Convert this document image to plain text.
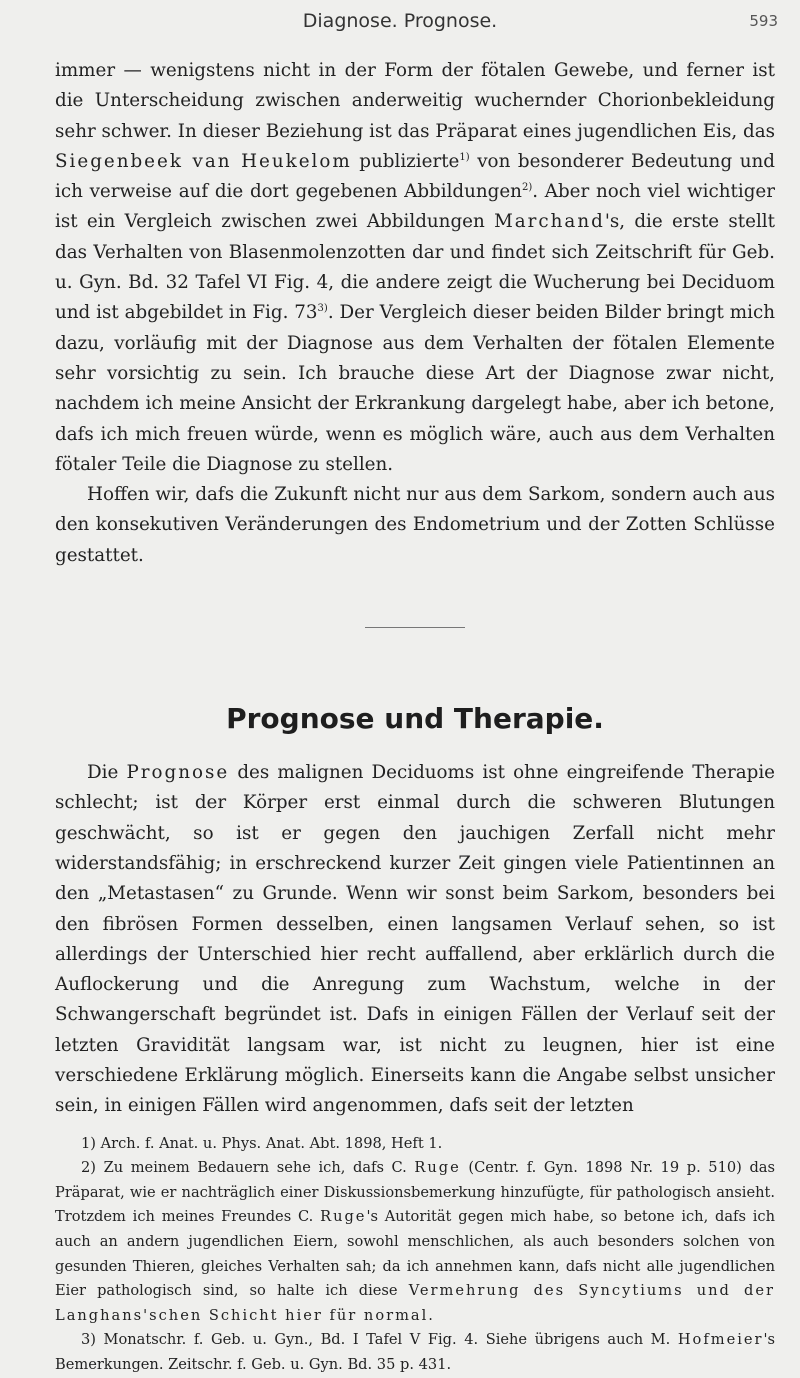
Diagnose. Prognose.	593

immer — wenigstens nicht in der Form der fötalen Gewebe, und ferner ist die Unterscheidung zwischen anderweitig wuchernder Chorionbekleidung sehr schwer. In dieser Beziehung ist das Präparat eines jugendlichen Eis, das Siegenbeek van Heukelom publizierte$^{1)}$ von besonderer Bedeutung und ich verweise auf die dort gegebenen Abbildungen$^{2)}$. Aber noch viel wichtiger ist ein Vergleich zwischen zwei Abbildungen Marchand's, die erste stellt das Verhalten von Blasenmolenzotten dar und findet sich Zeitschrift für Geb. u. Gyn. Bd. 32 Tafel VI Fig. 4, die andere zeigt die Wucherung bei Deciduom und ist abgebildet in Fig. 73$^{3)}$. Der Vergleich dieser beiden Bilder bringt mich dazu, vorläufig mit der Diagnose aus dem Verhalten der fötalen Elemente sehr vorsichtig zu sein. Ich brauche diese Art der Diagnose zwar nicht, nachdem ich meine Ansicht der Erkrankung dargelegt habe, aber ich betone, dafs ich mich freuen würde, wenn es möglich wäre, auch aus dem Verhalten fötaler Teile die Diagnose zu stellen.

Hoffen wir, dafs die Zukunft nicht nur aus dem Sarkom, sondern auch aus den konsekutiven Veränderungen des Endometrium und der Zotten Schlüsse gestattet.

Prognose und Therapie.

Die Prognose des malignen Deciduoms ist ohne eingreifende Therapie schlecht; ist der Körper erst einmal durch die schweren Blutungen geschwächt, so ist er gegen den jauchigen Zerfall nicht mehr widerstandsfähig; in erschreckend kurzer Zeit gingen viele Patientinnen an den „Metastasen“ zu Grunde. Wenn wir sonst beim Sarkom, besonders bei den fibrösen Formen desselben, einen langsamen Verlauf sehen, so ist allerdings der Unterschied hier recht auffallend, aber erklärlich durch die Auflockerung und die Anregung zum Wachstum, welche in der Schwangerschaft begründet ist. Dafs in einigen Fällen der Verlauf seit der letzten Gravidität langsam war, ist nicht zu leugnen, hier ist eine verschiedene Erklärung möglich. Einerseits kann die Angabe selbst unsicher sein, in einigen Fällen wird angenommen, dafs seit der letzten

1) Arch. f. Anat. u. Phys. Anat. Abt. 1898, Heft 1.

2) Zu meinem Bedauern sehe ich, dafs C. Ruge (Centr. f. Gyn. 1898 Nr. 19 p. 510) das Präparat, wie er nachträglich einer Diskussionsbemerkung hinzufügte, für pathologisch ansieht. Trotzdem ich meines Freundes C. Ruge's Autorität gegen mich habe, so betone ich, dafs ich auch an andern jugendlichen Eiern, sowohl menschlichen, als auch besonders solchen von gesunden Thieren, gleiches Verhalten sah; da ich annehmen kann, dafs nicht alle jugendlichen Eier pathologisch sind, so halte ich diese Vermehrung des Syncytiums und der Langhans'schen Schicht hier für normal.

3) Monatschr. f. Geb. u. Gyn., Bd. I Tafel V Fig. 4. Siehe übrigens auch M. Hofmeier's Bemerkungen. Zeitschr. f. Geb. u. Gyn. Bd. 35 p. 431.
